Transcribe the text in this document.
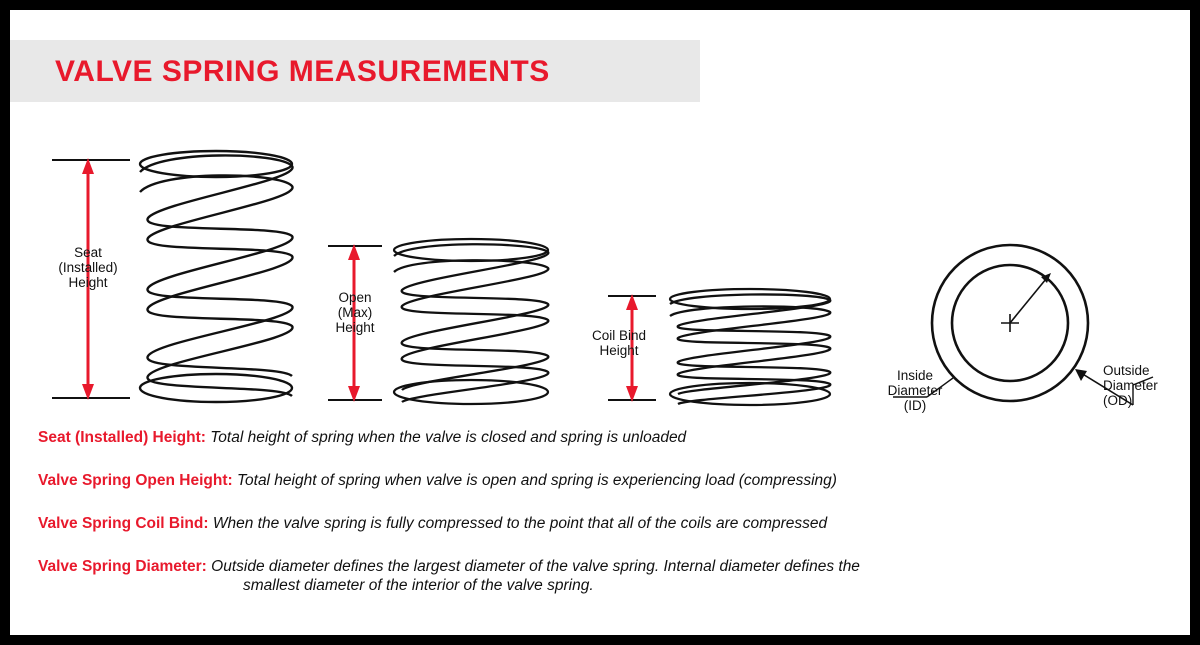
VALVE SPRING MEASUREMENTS
Seat
(Installed)
Height
Open
(Max)
Height
Coil Bind
Height
Inside
Diameter
(ID)
Outside
Diameter
(OD)

Seat (Installed) Height: Total height of spring when the valve is closed and spring is unloaded

Valve Spring Open Height: Total height of spring when valve is open and spring is experiencing load (compressing)

Valve Spring Coil Bind: When the valve spring is fully compressed to the point that all of the coils are compressed

Valve Spring Diameter: Outside diameter defines the largest diameter of the valve spring. Internal diameter defines the
smallest diameter of the interior of the valve spring.
